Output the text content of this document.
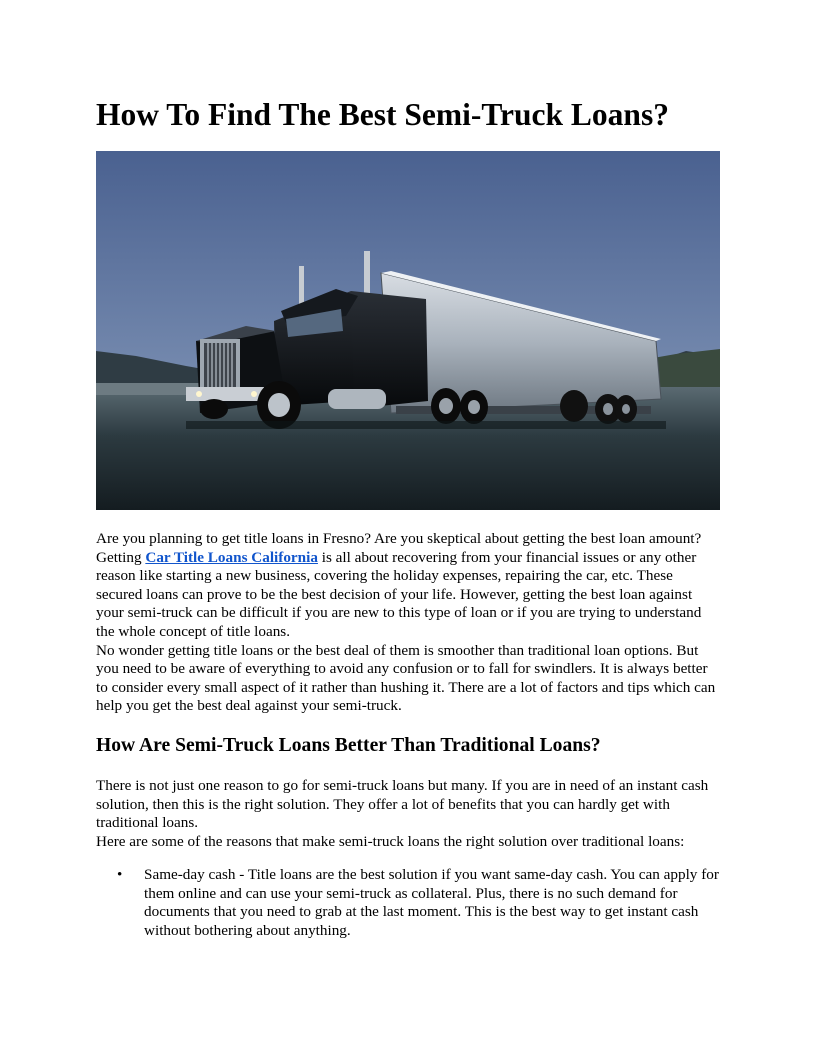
How To Find The Best Semi-Truck Loans?

Are you planning to get title loans in Fresno? Are you skeptical about getting the best loan amount? Getting Car Title Loans California is all about recovering from your financial issues or any other reason like starting a new business, covering the holiday expenses, repairing the car, etc. These secured loans can prove to be the best decision of your life. However, getting the best loan against your semi-truck can be difficult if you are new to this type of loan or if you are trying to understand the whole concept of title loans.

No wonder getting title loans or the best deal of them is smoother than traditional loan options. But you need to be aware of everything to avoid any confusion or to fall for swindlers. It is always better to consider every small aspect of it rather than hushing it. There are a lot of factors and tips which can help you get the best deal against your semi-truck.

How Are Semi-Truck Loans Better Than Traditional Loans?

There is not just one reason to go for semi-truck loans but many. If you are in need of an instant cash solution, then this is the right solution. They offer a lot of benefits that you can hardly get with traditional loans.

Here are some of the reasons that make semi-truck loans the right solution over traditional loans:

• Same-day cash - Title loans are the best solution if you want same-day cash. You can apply for them online and can use your semi-truck as collateral. Plus, there is no such demand for documents that you need to grab at the last moment. This is the best way to get instant cash without bothering about anything.
